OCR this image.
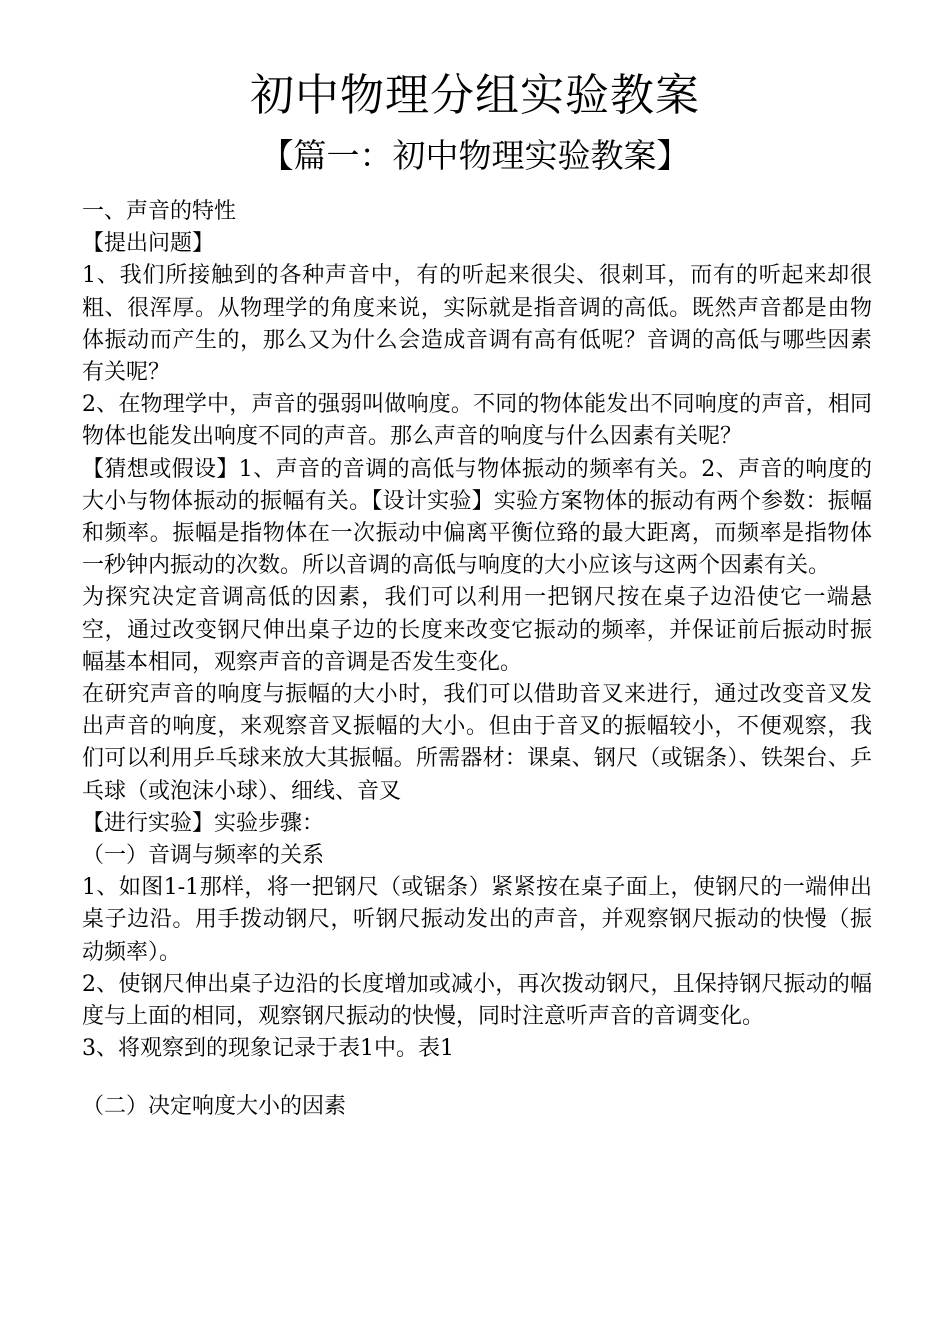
初中物理分组实验教案
【篇一：初中物理实验教案】

一、声音的特性

【提出问题】

1、我们所接触到的各种声音中，有的听起来很尖、很刺耳，而有的听起来却很粗、很浑厚。从物理学的角度来说，实际就是指音调的高低。既然声音都是由物体振动而产生的，那么又为什么会造成音调有高有低呢？音调的高低与哪些因素有关呢？

2、在物理学中，声音的强弱叫做响度。不同的物体能发出不同响度的声音，相同物体也能发出响度不同的声音。那么声音的响度与什么因素有关呢？

【猜想或假设】1、声音的音调的高低与物体振动的频率有关。2、声音的响度的大小与物体振动的振幅有关。【设计实验】实验方案物体的振动有两个参数：振幅和频率。振幅是指物体在一次振动中偏离平衡位臵的最大距离，而频率是指物体一秒钟内振动的次数。所以音调的高低与响度的大小应该与这两个因素有关。

为探究决定音调高低的因素，我们可以利用一把钢尺按在桌子边沿使它一端悬空，通过改变钢尺伸出桌子边的长度来改变它振动的频率，并保证前后振动时振幅基本相同，观察声音的音调是否发生变化。

在研究声音的响度与振幅的大小时，我们可以借助音叉来进行，通过改变音叉发出声音的响度，来观察音叉振幅的大小。但由于音叉的振幅较小，不便观察，我们可以利用乒乓球来放大其振幅。所需器材：课桌、钢尺（或锯条）、铁架台、乒乓球（或泡沫小球）、细线、音叉

【进行实验】实验步骤：

（一）音调与频率的关系

1、如图1-1那样，将一把钢尺（或锯条）紧紧按在桌子面上，使钢尺的一端伸出桌子边沿。用手拨动钢尺，听钢尺振动发出的声音，并观察钢尺振动的快慢（振动频率）。

2、使钢尺伸出桌子边沿的长度增加或减小，再次拨动钢尺，且保持钢尺振动的幅度与上面的相同，观察钢尺振动的快慢，同时注意听声音的音调变化。

3、将观察到的现象记录于表1中。表1

（二）决定响度大小的因素
